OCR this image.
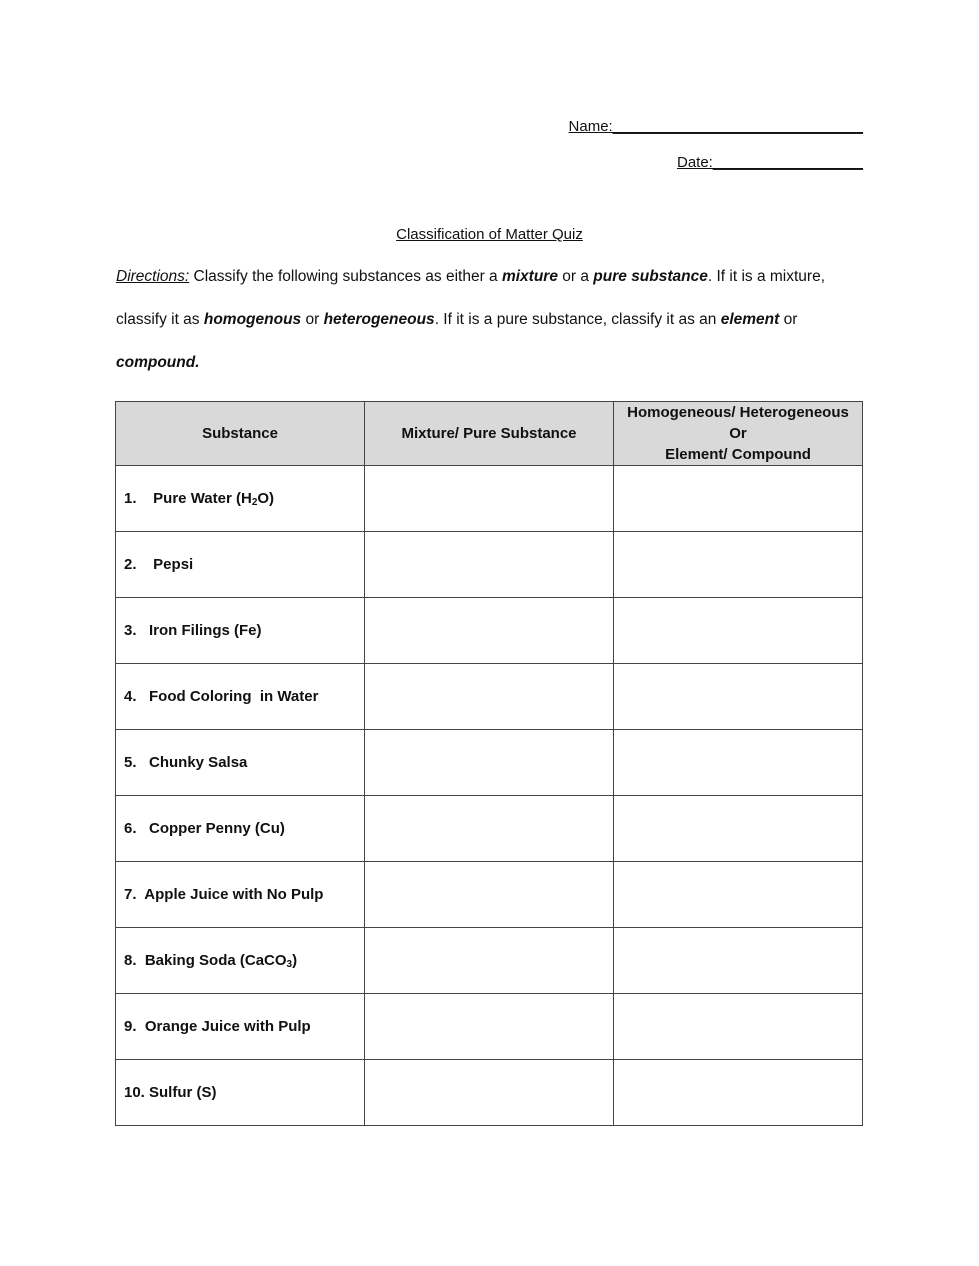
Name:______________________________
Date:__________________
Classification of Matter Quiz
Directions: Classify the following substances as either a mixture or a pure substance. If it is a mixture, classify it as homogenous or heterogeneous. If it is a pure substance, classify it as an element or compound.
Substance	Mixture/ Pure Substance	Homogeneous/ Heterogeneous
Or
Element/ Compound

1.    Pure Water $(H_2O)$		
2.    Pepsi		
3.   Iron Filings (Fe)		
4.   Food Coloring  in Water		
5.   Chunky Salsa		
6.   Copper Penny (Cu)		
7.  Apple Juice with No Pulp		
8.  Baking Soda (CaCO$_3$)		
9.  Orange Juice with Pulp		
10. Sulfur (S)		
